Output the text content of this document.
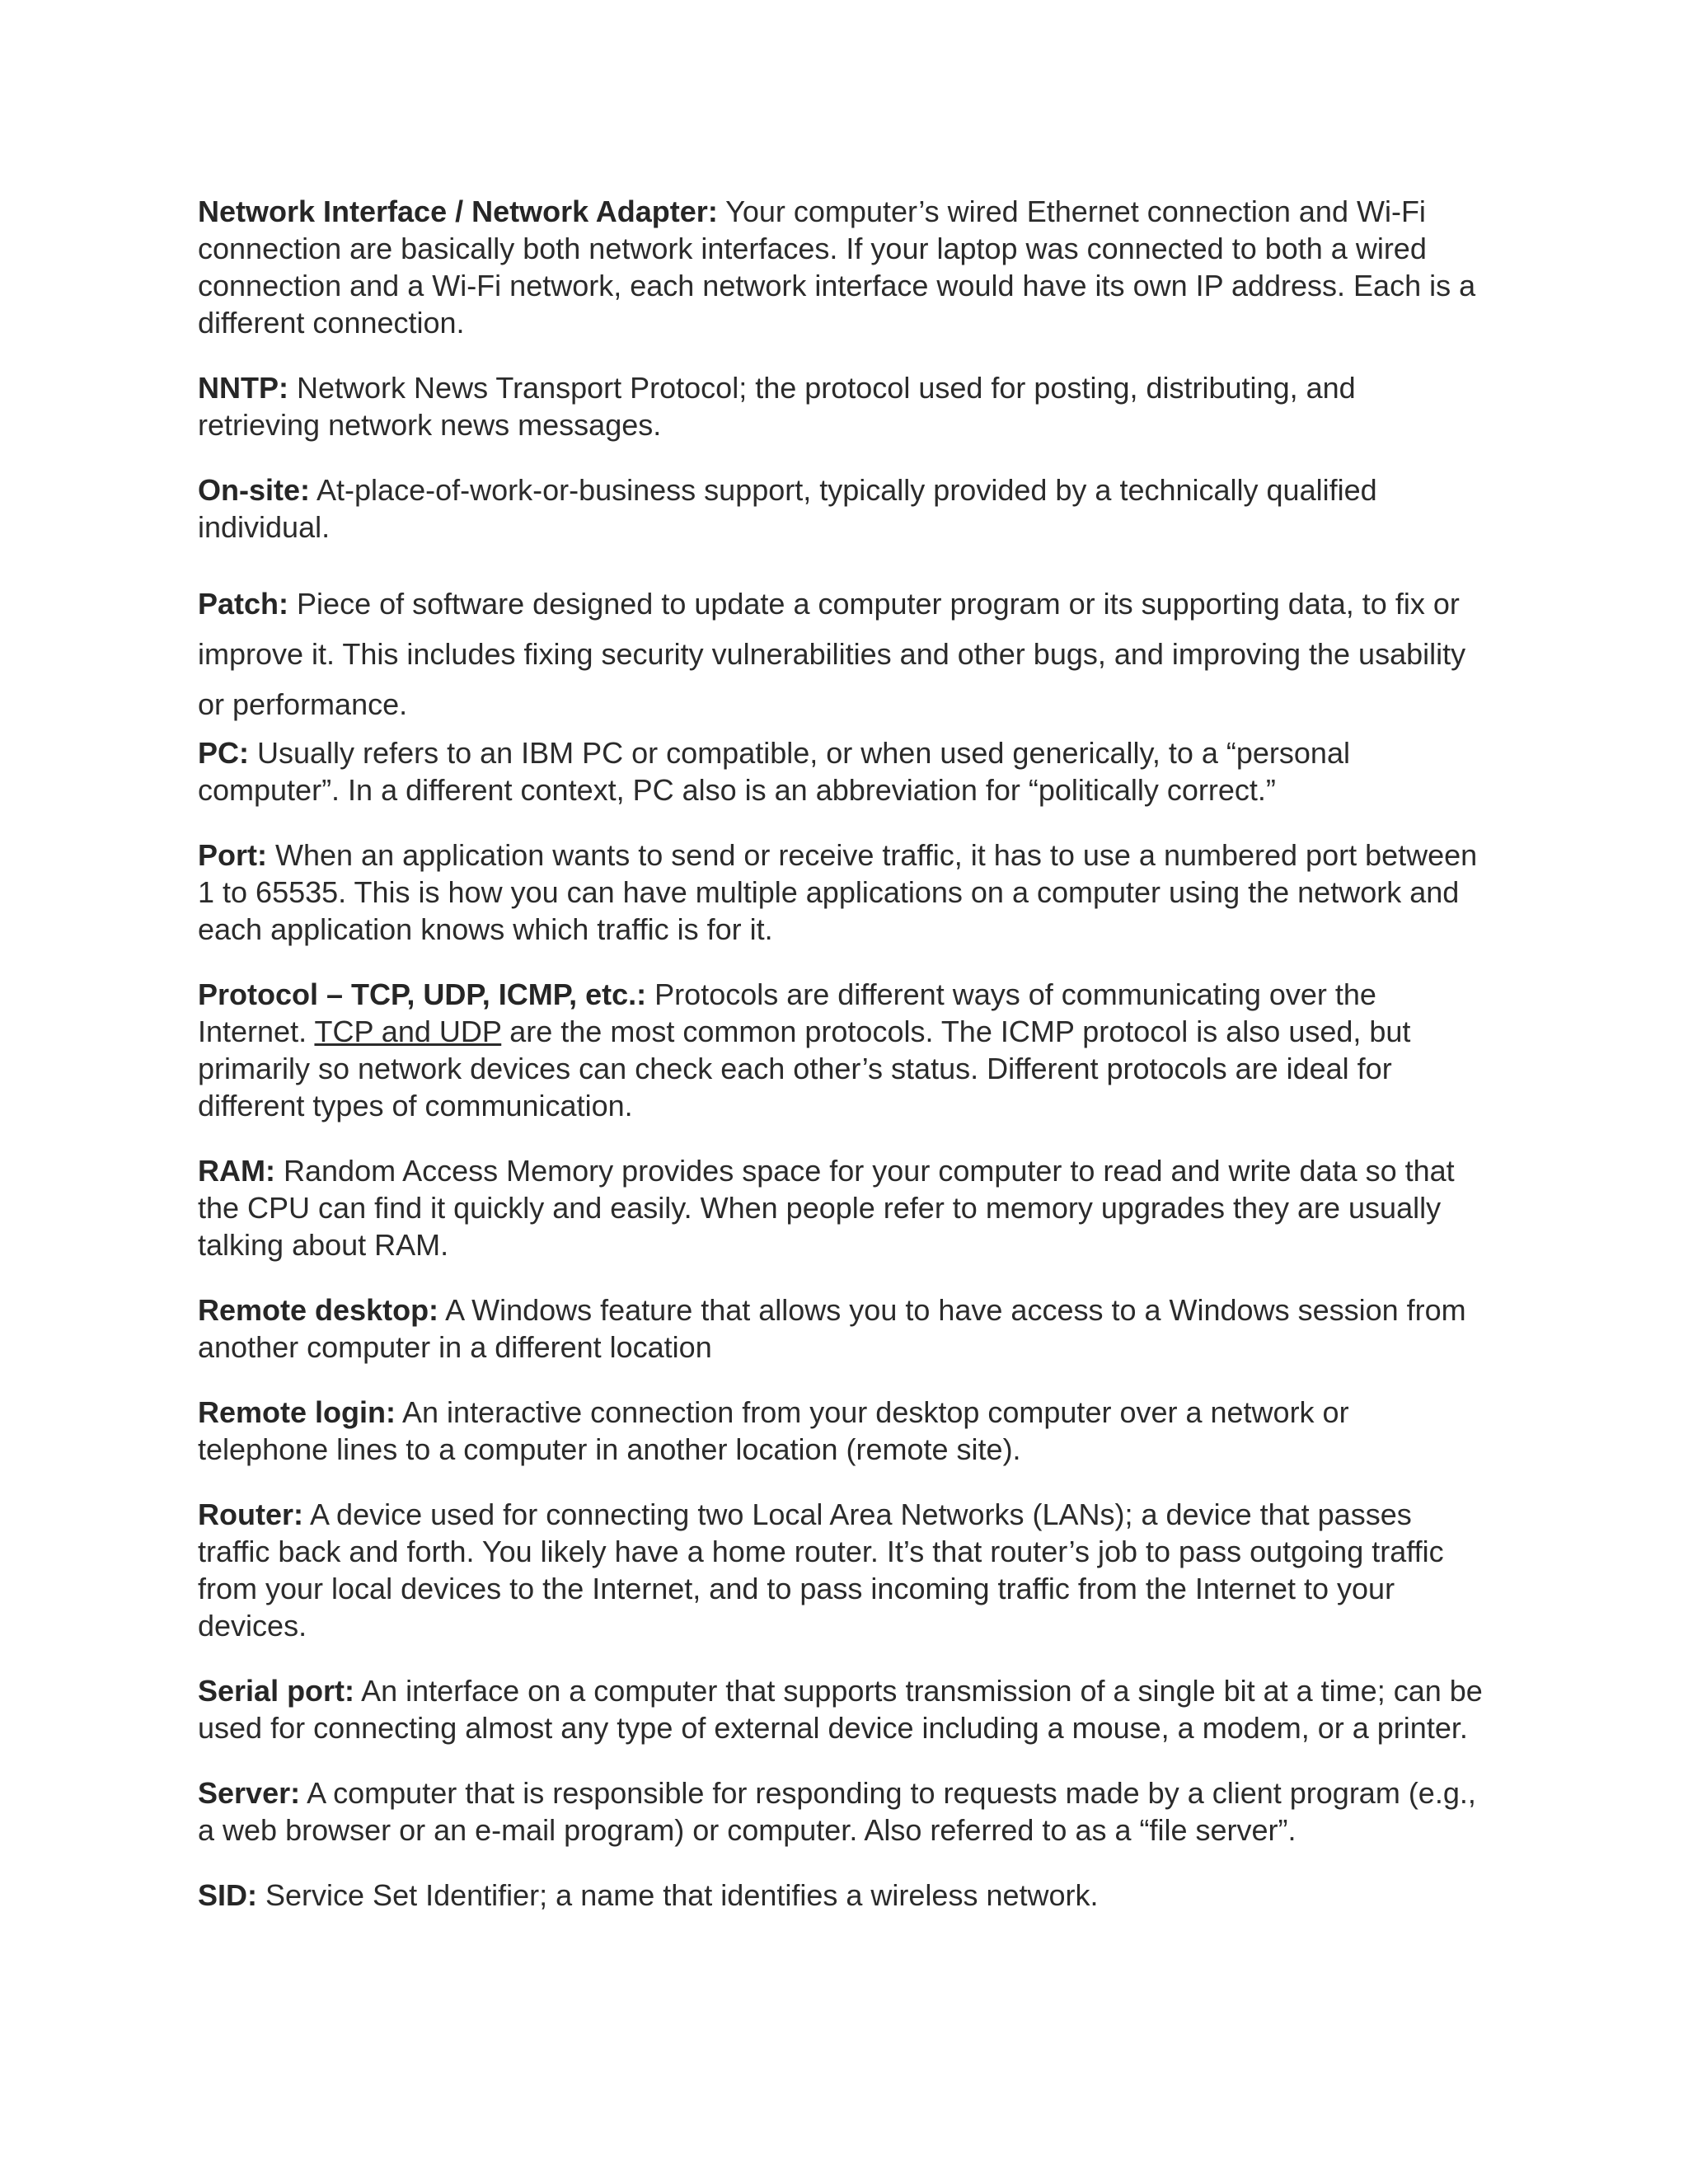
Network Interface / Network Adapter: Your computer’s wired Ethernet connection and Wi-Fi connection are basically both network interfaces. If your laptop was connected to both a wired connection and a Wi-Fi network, each network interface would have its own IP address. Each is a different connection.

NNTP: Network News Transport Protocol; the protocol used for posting, distributing, and retrieving network news messages.

On-site: At-place-of-work-or-business support, typically provided by a technically qualified individual.

Patch: Piece of software designed to update a computer program or its supporting data, to fix or improve it. This includes fixing security vulnerabilities and other bugs, and improving the usability or performance.

PC: Usually refers to an IBM PC or compatible, or when used generically, to a “personal computer”. In a different context, PC also is an abbreviation for “politically correct.”

Port: When an application wants to send or receive traffic, it has to use a numbered port between 1 to 65535. This is how you can have multiple applications on a computer using the network and each application knows which traffic is for it.

Protocol – TCP, UDP, ICMP, etc.: Protocols are different ways of communicating over the Internet. TCP and UDP are the most common protocols. The ICMP protocol is also used, but primarily so network devices can check each other’s status. Different protocols are ideal for different types of communication.

RAM: Random Access Memory provides space for your computer to read and write data so that the CPU can find it quickly and easily. When people refer to memory upgrades they are usually talking about RAM.

Remote desktop: A Windows feature that allows you to have access to a Windows session from another computer in a different location

Remote login: An interactive connection from your desktop computer over a network or telephone lines to a computer in another location (remote site).

Router: A device used for connecting two Local Area Networks (LANs); a device that passes traffic back and forth. You likely have a home router. It’s that router’s job to pass outgoing traffic from your local devices to the Internet, and to pass incoming traffic from the Internet to your devices.

Serial port: An interface on a computer that supports transmission of a single bit at a time; can be used for connecting almost any type of external device including a mouse, a modem, or a printer.

Server: A computer that is responsible for responding to requests made by a client program (e.g., a web browser or an e-mail program) or computer. Also referred to as a “file server”.

SID: Service Set Identifier; a name that identifies a wireless network.
